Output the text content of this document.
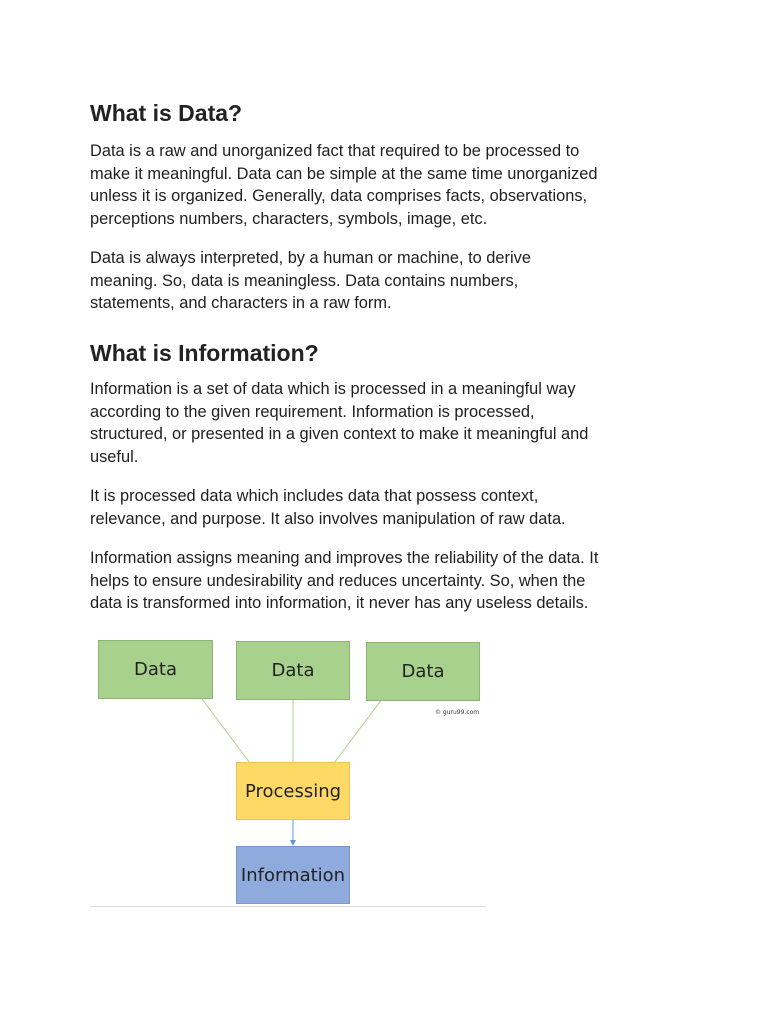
What is Data?

Data is a raw and unorganized fact that required to be processed to
make it meaningful. Data can be simple at the same time unorganized
unless it is organized. Generally, data comprises facts, observations,
perceptions numbers, characters, symbols, image, etc.

Data is always interpreted, by a human or machine, to derive
meaning. So, data is meaningless. Data contains numbers,
statements, and characters in a raw form.

What is Information?

Information is a set of data which is processed in a meaningful way
according to the given requirement. Information is processed,
structured, or presented in a given context to make it meaningful and
useful.

It is processed data which includes data that possess context,
relevance, and purpose. It also involves manipulation of raw data.

Information assigns meaning and improves the reliability of the data. It
helps to ensure undesirability and reduces uncertainty. So, when the
data is transformed into information, it never has any useless details.

Data	Data	Data
© guru99.com
Processing
Information
